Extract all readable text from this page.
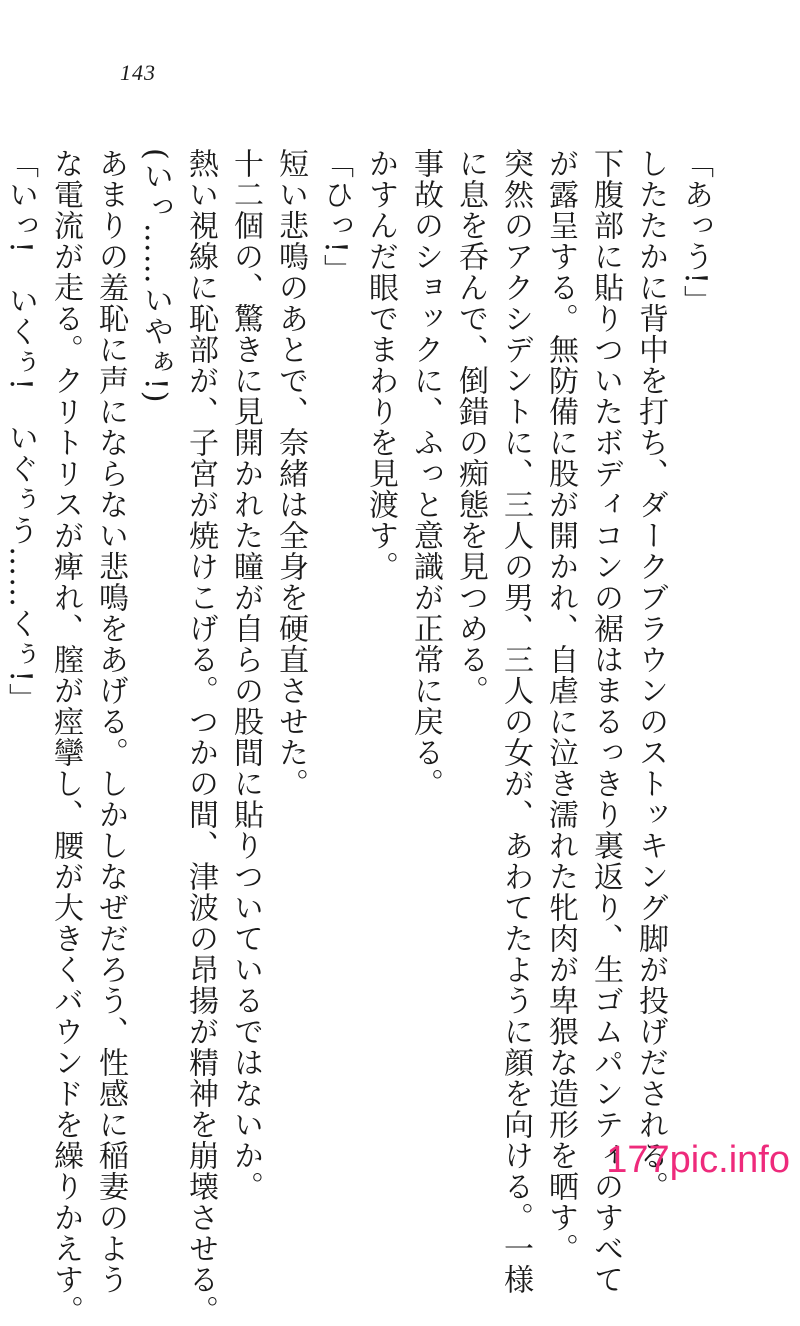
143

「あっう!」

したたかに背中を打ち、ダークブラウンのストッキング脚が投げだされる。

下腹部に貼りついたボディコンの裾はまるっきり裏返り、生ゴムパンティのすべて

が露呈する。無防備に股が開かれ、自虐に泣き濡れた牝肉が卑猥な造形を晒す。

突然のアクシデントに、三人の男、三人の女が、あわてたように顔を向ける。一様

に息を呑んで、倒錯の痴態を見つめる。

事故のショックに、ふっと意識が正常に戻る。

かすんだ眼でまわりを見渡す。

「ひっ!」

短い悲鳴のあとで、奈緒は全身を硬直させた。

十二個の、驚きに見開かれた瞳が自らの股間に貼りついているではないか。

熱い視線に恥部が、子宮が焼けこげる。つかの間、津波の昂揚が精神を崩壊させる。

(いっ……いやぁ!)

あまりの羞恥に声にならない悲鳴をあげる。しかしなぜだろう、性感に稲妻のよう

な電流が走る。クリトリスが痺れ、膣が痙攣し、腰が大きくバウンドを繰りかえす。

「いっ!　いくぅ!　いぐぅう……くぅ!」

177pic.info
